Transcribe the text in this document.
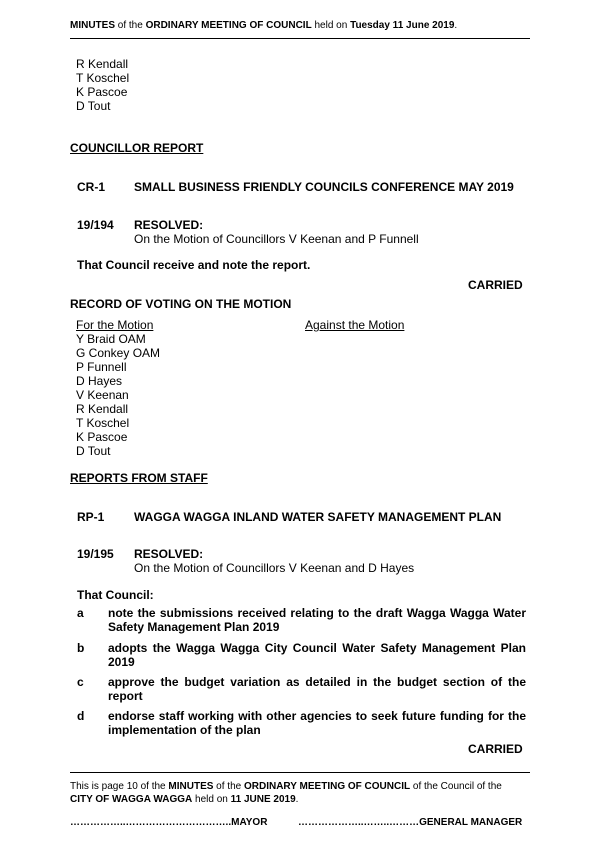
MINUTES of the ORDINARY MEETING OF COUNCIL held on Tuesday 11 June 2019.
R Kendall
T Koschel
K Pascoe
D Tout
COUNCILLOR REPORT
CR-1 SMALL BUSINESS FRIENDLY COUNCILS CONFERENCE MAY 2019
19/194 RESOLVED:
On the Motion of Councillors V Keenan and P Funnell
That Council receive and note the report.
CARRIED
RECORD OF VOTING ON THE MOTION
For the Motion	Against the Motion
Y Braid OAM
G Conkey OAM
P Funnell
D Hayes
V Keenan
R Kendall
T Koschel
K Pascoe
D Tout
REPORTS FROM STAFF
RP-1 WAGGA WAGGA INLAND WATER SAFETY MANAGEMENT PLAN
19/195 RESOLVED:
On the Motion of Councillors V Keenan and D Hayes
That Council:
a note the submissions received relating to the draft Wagga Wagga Water Safety Management Plan 2019
b adopts the Wagga Wagga City Council Water Safety Management Plan 2019
c approve the budget variation as detailed in the budget section of the report
d endorse staff working with other agencies to seek future funding for the implementation of the plan
CARRIED
This is page 10 of the MINUTES of the ORDINARY MEETING OF COUNCIL of the Council of the
CITY OF WAGGA WAGGA held on 11 JUNE 2019.
……………..…………………………..MAYOR	………………..……..………GENERAL MANAGER
